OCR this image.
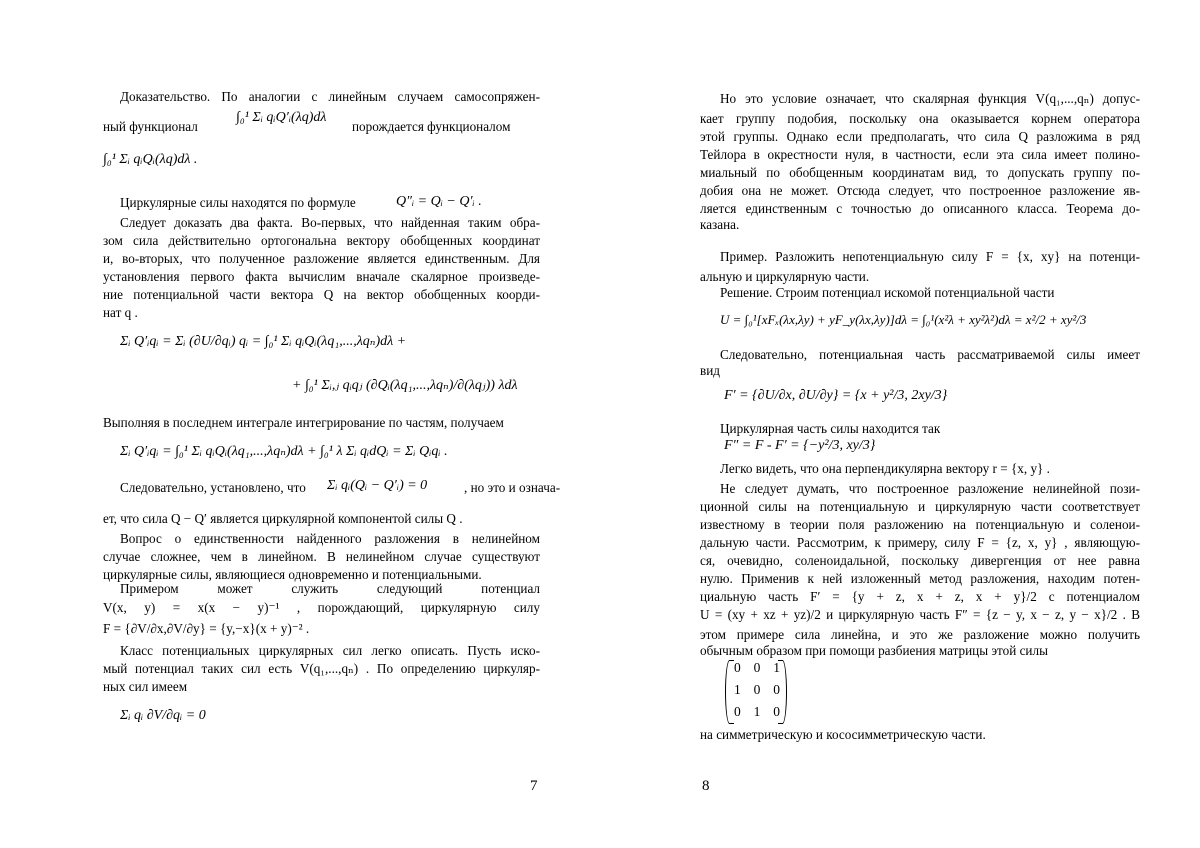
Доказательство. По аналогии с линейным случаем самосопряжен-
ный функционал
∫₀¹ Σᵢ qᵢQ′ᵢ(λq)dλ
порождается функционалом
∫₀¹ Σᵢ qᵢQᵢ(λq)dλ .
Циркулярные силы находятся по формуле	Q″ᵢ = Qᵢ − Q′ᵢ .
Следует доказать два факта. Во-первых, что найденная таким обра-
зом сила действительно ортогональна вектору обобщенных координат
и, во-вторых, что полученное разложение является единственным. Для
установления первого факта вычислим вначале скалярное произведе-
ние потенциальной части вектора Q на вектор обобщенных коорди-
нат q .
Σᵢ Q′ᵢqᵢ = Σᵢ (∂U/∂qᵢ) qᵢ = ∫₀¹ Σᵢ qᵢQᵢ(λq₁,...,λqₙ)dλ +
+ ∫₀¹ Σᵢ,ⱼ qᵢqⱼ (∂Qᵢ(λq₁,...,λqₙ)/∂(λqⱼ)) λdλ
Выполняя в последнем интеграле интегрирование по частям, получаем
Σᵢ Q′ᵢqᵢ = ∫₀¹ Σᵢ qᵢQᵢ(λq₁,...,λqₙ)dλ + ∫₀¹ λ Σᵢ qᵢdQᵢ = Σᵢ Qᵢqᵢ .
Следовательно, установлено, что Σᵢ qᵢ(Qᵢ − Q′ᵢ) = 0	, но это и означа-
ет, что сила Q − Q′ является циркулярной компонентой силы Q .
Вопрос о единственности найденного разложения в нелинейном
случае сложнее, чем в линейном. В нелинейном случае существуют
циркулярные силы, являющиеся одновременно и потенциальными.
Примером может служить следующий потенциал
V(x, y) = x(x − y)⁻¹ , порождающий, циркулярную силу
F = {∂V/∂x,∂V/∂y} = {y,−x}(x + y)⁻² .
Класс потенциальных циркулярных сил легко описать. Пусть иско-
мый потенциал таких сил есть V(q₁,...,qₙ) . По определению циркуляр-
ных сил имеем
Σᵢ qᵢ ∂V/∂qᵢ = 0
7
Но это условие означает, что скалярная функция V(q₁,...,qₙ) допус-
кает группу подобия, поскольку она оказывается корнем оператора
этой группы. Однако если предполагать, что сила Q разложима в ряд
Тейлора в окрестности нуля, в частности, если эта сила имеет полино-
миальный по обобщенным координатам вид, то допускать группу по-
добия она не может. Отсюда следует, что построенное разложение яв-
ляется единственным с точностью до описанного класса. Теорема до-
казана.
Пример. Разложить непотенциальную силу F = {x, xy} на потенци-
альную и циркулярную части.
Решение. Строим потенциал искомой потенциальной части
U = ∫₀¹[xFₓ(λx,λy) + yF_y(λx,λy)]dλ = ∫₀¹(x²λ + xy²λ²)dλ = x²/2 + xy²/3
Следовательно, потенциальная часть рассматриваемой силы имеет
вид
F′ = {∂U/∂x, ∂U/∂y} = {x + y²/3, 2xy/3}
Циркулярная часть силы находится так
F″ = F - F′ = {−y²/3, xy/3}
Легко видеть, что она перпендикулярна вектору r = {x, y} .
Не следует думать, что построенное разложение нелинейной пози-
ционной силы на потенциальную и циркулярную части соответствует
известному в теории поля разложению на потенциальную и соленои-
дальную части. Рассмотрим, к примеру, силу F = {z, x, y} , являющую-
ся, очевидно, соленоидальной, поскольку дивергенция от нее равна
нулю. Применив к ней изложенный метод разложения, находим потен-
циальную часть F′ = {y + z, x + z, x + y}/2 с потенциалом
U = (xy + xz + yz)/2 и циркулярную часть F″ = {z − y, x − z, y − x}/2 . В
этом примере сила линейна, и это же разложение можно получить
обычным образом при помощи разбиения матрицы этой силы
на симметрическую и кососимметрическую части.
8
0 0 1
1 0 0
0 1 0
